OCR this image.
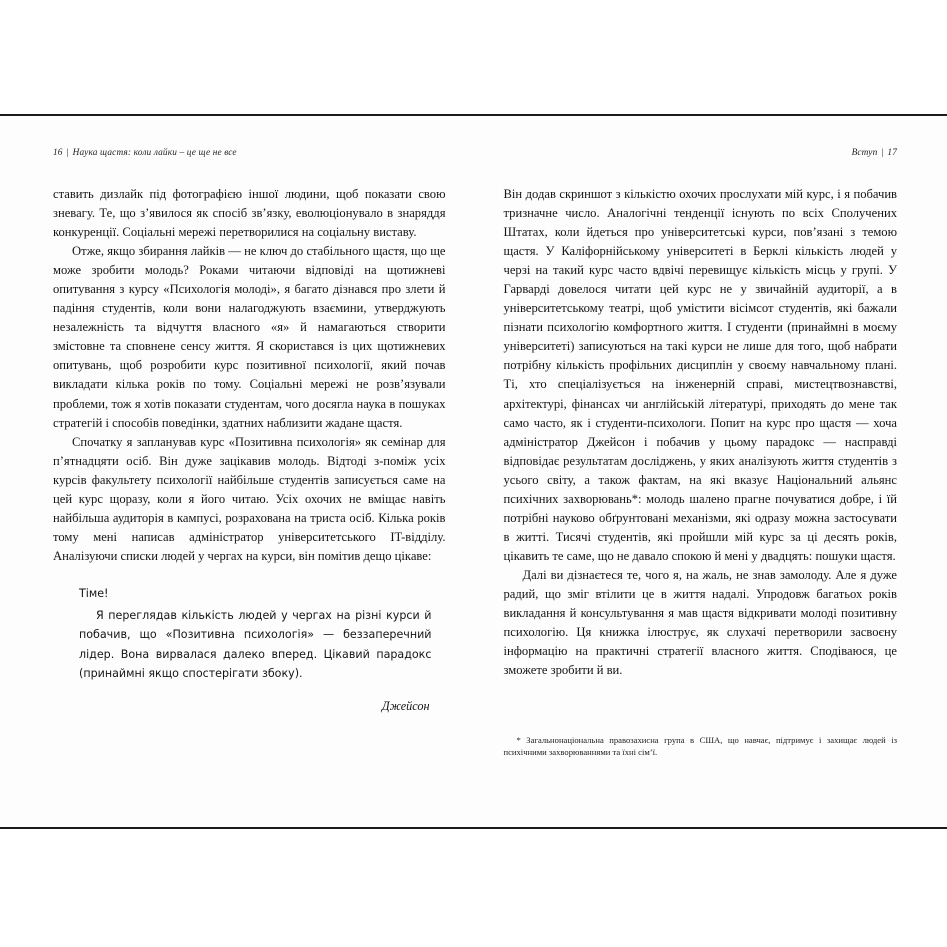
16 | Наука щастя: коли лайки – це ще не все

ставить дизлайк під фотографією іншої людини, щоб показати свою зневагу. Те, що з’явилося як спосіб зв’язку, еволюціонувало в знаряддя конкуренції. Соціальні мережі перетворилися на соціальну виставу.

Отже, якщо збирання лайків — не ключ до стабільного щастя, що ще може зробити молодь? Роками читаючи відповіді на щотижневі опитування з курсу «Психологія молоді», я багато дізнався про злети й падіння студентів, коли вони налагоджують взаємини, утверджують незалежність та відчуття власного «я» й намагаються створити змістовне та сповнене сенсу життя. Я скористався із цих щотижневих опитувань, щоб розробити курс позитивної психології, який почав викладати кілька років по тому. Соціальні мережі не розв’язували проблеми, тож я хотів показати студентам, чого досягла наука в пошуках стратегій і способів поведінки, здатних наблизити жадане щастя.

Спочатку я запланував курс «Позитивна психологія» як семінар для п’ятнадцяти осіб. Він дуже зацікавив молодь. Відтоді з-поміж усіх курсів факультету психології найбільше студентів записується саме на цей курс щоразу, коли я його читаю. Усіх охочих не вміщає навіть найбільша аудиторія в кампусі, розрахована на триста осіб. Кілька років тому мені написав адміністратор університетського IT-відділу. Аналізуючи списки людей у чергах на курси, він помітив дещо цікаве:

Тіме!

Я переглядав кількість людей у чергах на різні курси й побачив, що «Позитивна психологія» — беззаперечний лідер. Вона вирвалася далеко вперед. Цікавий парадокс (принаймні якщо спостерігати збоку).

Джейсон
Вступ | 17

Він додав скриншот з кількістю охочих прослухати мій курс, і я побачив тризначне число. Аналогічні тенденції існують по всіх Сполучених Штатах, коли йдеться про університетські курси, пов’язані з темою щастя. У Каліфорнійському університеті в Берклі кількість людей у черзі на такий курс часто вдвічі перевищує кількість місць у групі. У Гарварді довелося читати цей курс не у звичайній аудиторії, а в університетському театрі, щоб умістити вісімсот студентів, які бажали пізнати психологію комфортного життя. І студенти (принаймні в моєму університеті) записуються на такі курси не лише для того, щоб набрати потрібну кількість профільних дисциплін у своєму навчальному плані. Ті, хто спеціалізується на інженерній справі, мистецтвознавстві, архітектурі, фінансах чи англійській літературі, приходять до мене так само часто, як і студенти-психологи. Попит на курс про щастя — хоча адміністратор Джейсон і побачив у цьому парадокс — насправді відповідає результатам досліджень, у яких аналізують життя студентів з усього світу, а також фактам, на які вказує Національний альянс психічних захворювань*: молодь шалено прагне почуватися добре, і їй потрібні науково обґрунтовані механізми, які одразу можна застосувати в житті. Тисячі студентів, які пройшли мій курс за ці десять років, цікавить те саме, що не давало спокою й мені у двадцять: пошуки щастя.

Далі ви дізнаєтеся те, чого я, на жаль, не знав замолоду. Але я дуже радий, що зміг втілити це в життя надалі. Упродовж багатьох років викладання й консультування я мав щастя відкривати молоді позитивну психологію. Ця книжка ілюструє, як слухачі перетворили засвоєну інформацію на практичні стратегії власного життя. Сподіваюся, це зможете зробити й ви.

* Загальнонаціональна правозахисна група в США, що навчає, підтримує і захищає людей із психічними захворюваннями та їхні сім’ї.
